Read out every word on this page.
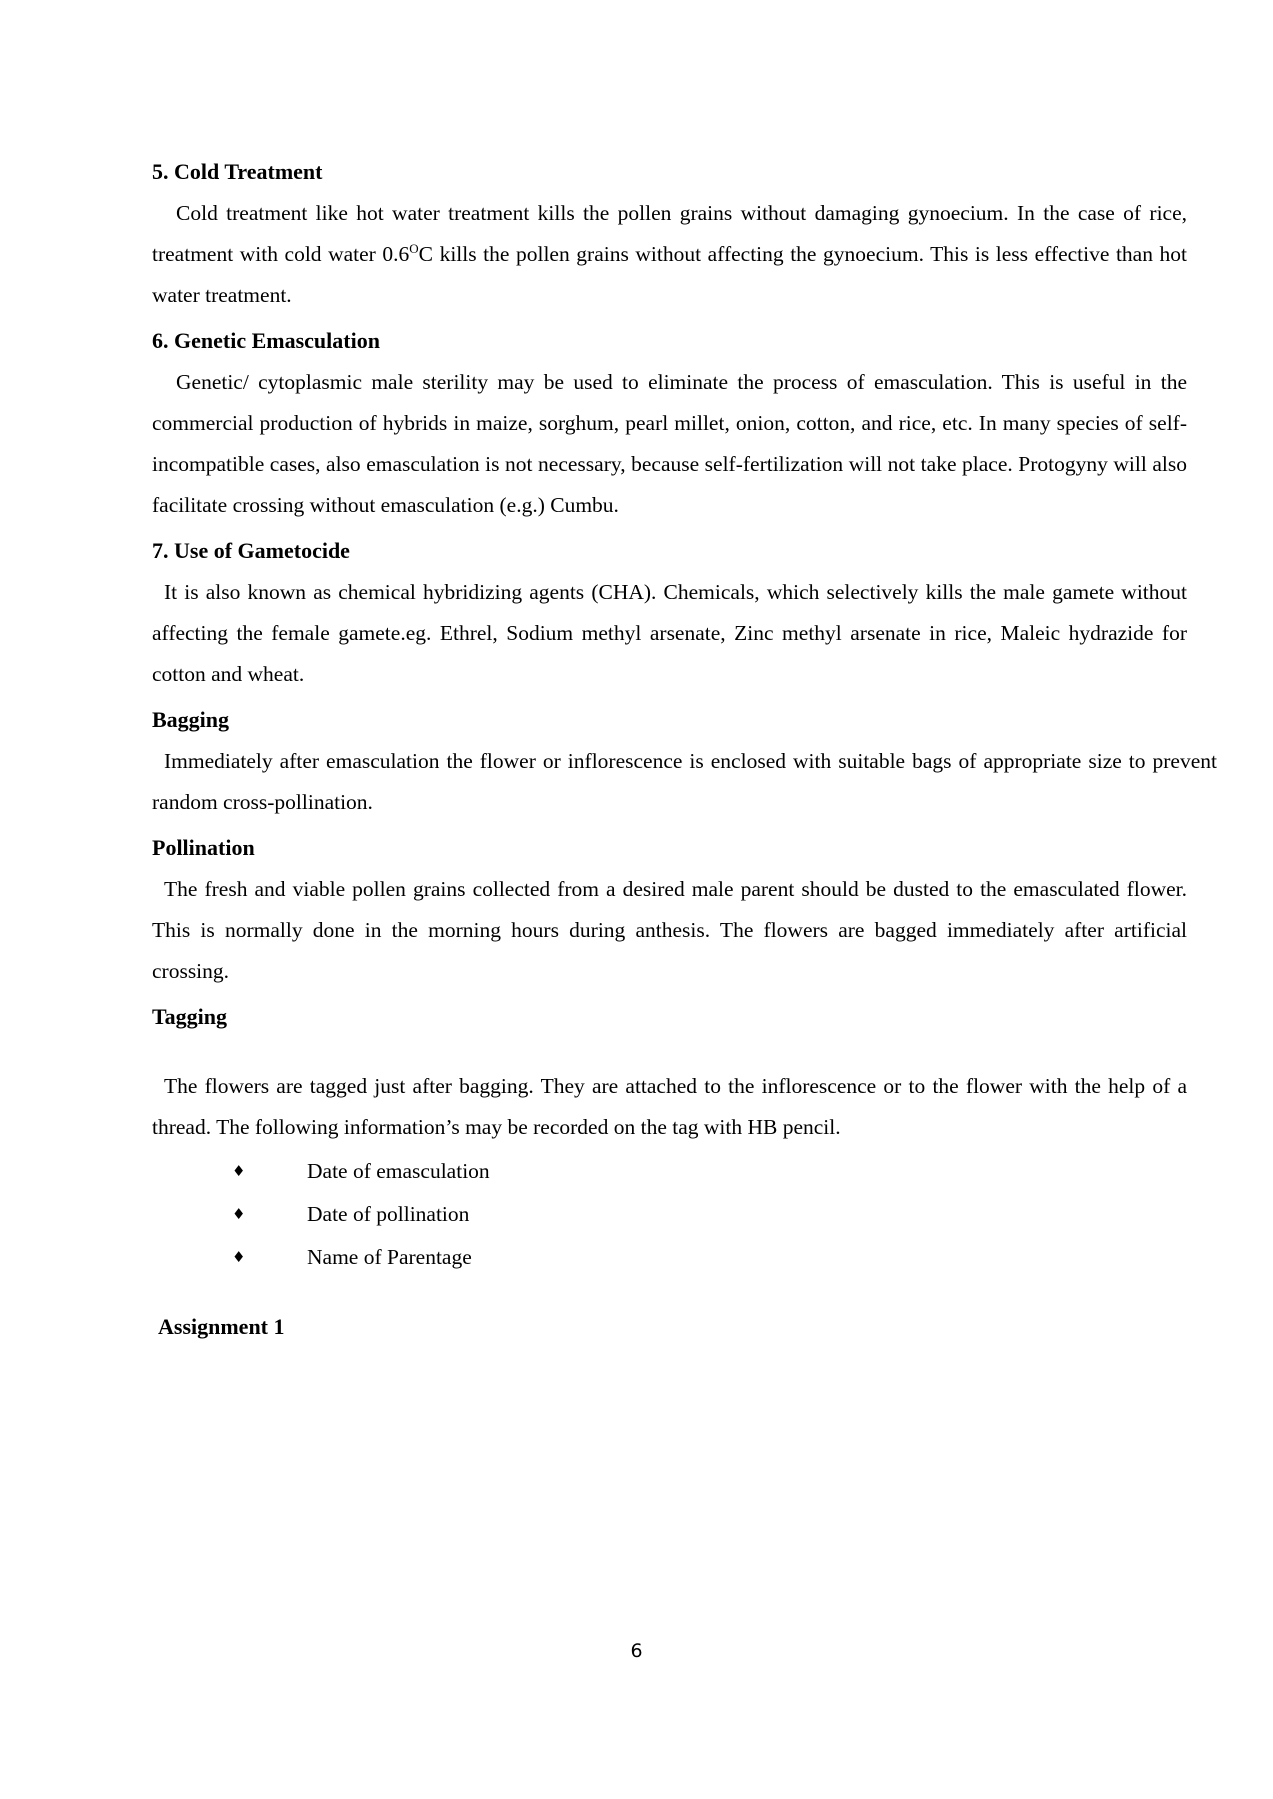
5. Cold Treatment

Cold treatment like hot water treatment kills the pollen grains without damaging gynoecium. In the case of rice, treatment with cold water $0.6^OC$ kills the pollen grains without affecting the gynoecium. This is less effective than hot water treatment.

6. Genetic Emasculation

Genetic/ cytoplasmic male sterility may be used to eliminate the process of emasculation. This is useful in the commercial production of hybrids in maize, sorghum, pearl millet, onion, cotton, and rice, etc. In many species of self-incompatible cases, also emasculation is not necessary, because self-fertilization will not take place. Protogyny will also facilitate crossing without emasculation (e.g.) Cumbu.

7. Use of Gametocide

It is also known as chemical hybridizing agents (CHA). Chemicals, which selectively kills the male gamete without affecting the female gamete.eg. Ethrel, Sodium methyl arsenate, Zinc methyl arsenate in rice, Maleic hydrazide for cotton and wheat.

Bagging

Immediately after emasculation the flower or inflorescence is enclosed with suitable bags of appropriate size to prevent random cross-pollination.

Pollination

The fresh and viable pollen grains collected from a desired male parent should be dusted to the emasculated flower. This is normally done in the morning hours during anthesis. The flowers are bagged immediately after artificial crossing.

Tagging

The flowers are tagged just after bagging. They are attached to the inflorescence or to the flower with the help of a thread. The following information’s may be recorded on the tag with HB pencil.

♦	Date of emasculation
♦	Date of pollination
♦	Name of Parentage
Assignment 1
6
